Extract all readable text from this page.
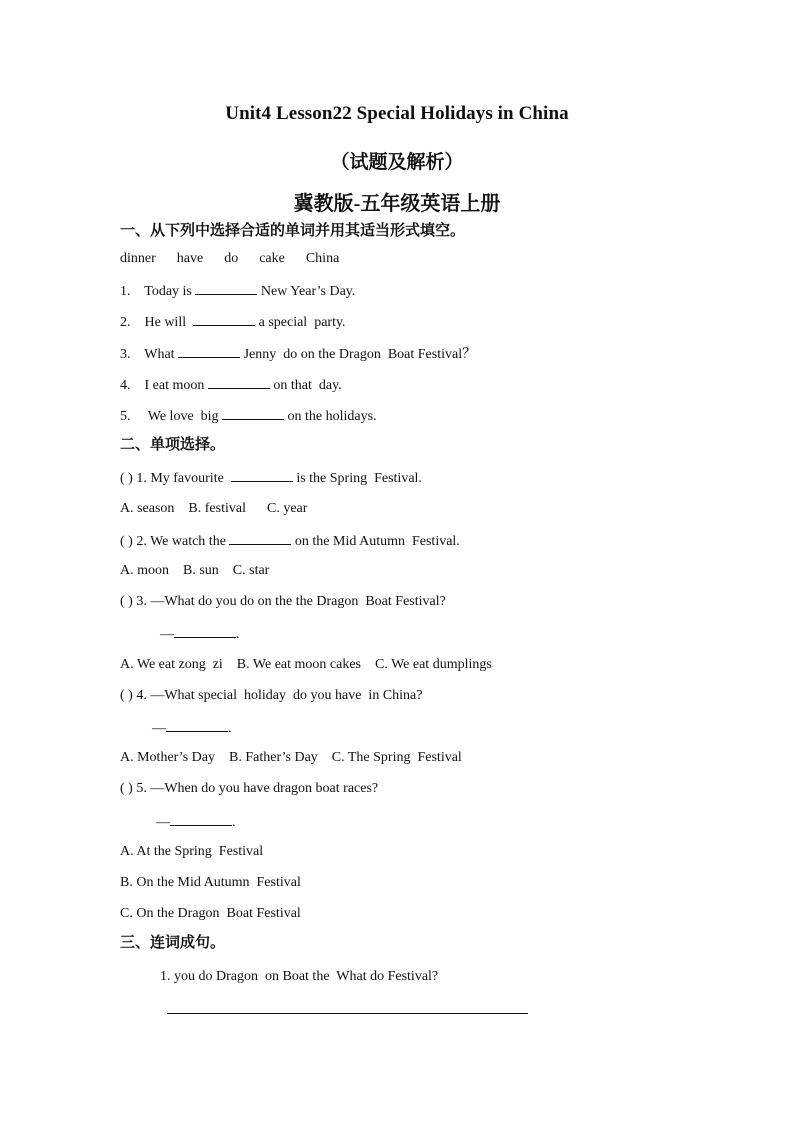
Unit4 Lesson22 Special Holidays in China
（试题及解析）
冀教版-五年级英语上册
一、从下列中选择合适的单词并用其适当形式填空。
dinner      have      do      cake      China
1. Today is	New Year’s Day.
2. He will	a special  party.
3. What	Jenny  do on the Dragon  Boat Festival？
4. I eat moon	on that  day.
5.     We love  big	on the holidays.
二、单项选择。
( ) 1. My favourite	is the Spring  Festival.
A. season    B. festival      C. year
( ) 2. We watch the	on the Mid Autumn  Festival.
A. moon    B. sun    C. star
( ) 3. —What do you do on the the Dragon  Boat Festival?
—	.
A. We eat zong  zi    B. We eat moon cakes    C. We eat dumplings
( ) 4. —What special  holiday  do you have  in China?
—	.
A. Mother’s Day    B. Father’s Day    C. The Spring  Festival
( ) 5. —When do you have dragon boat races?
—	.
A. At the Spring  Festival
B. On the Mid Autumn  Festival
C. On the Dragon  Boat Festival
三、连词成句。
1. you do Dragon  on Boat the  What do Festival?
